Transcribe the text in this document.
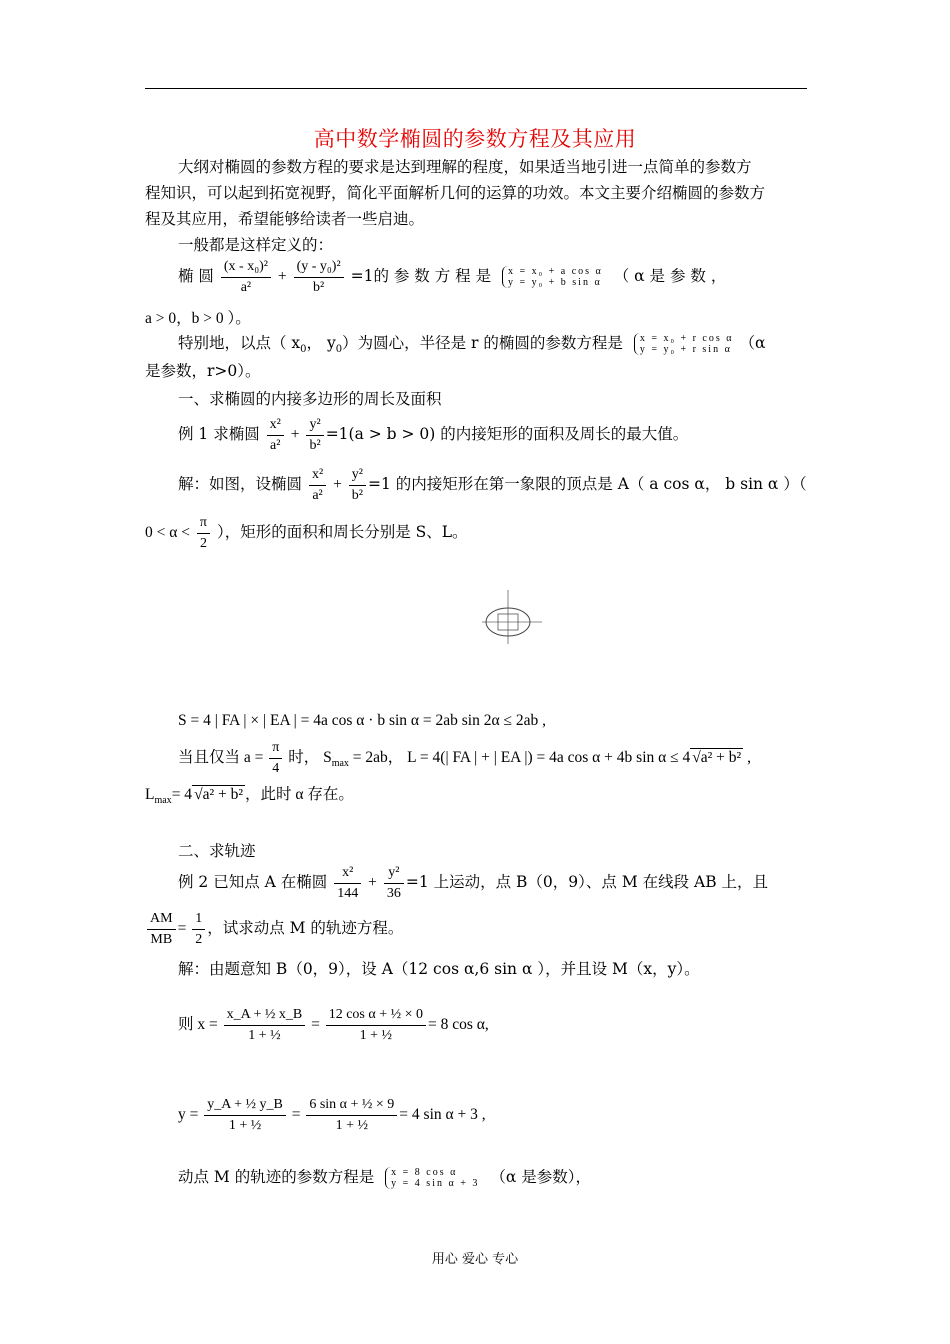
高中数学椭圆的参数方程及其应用
大纲对椭圆的参数方程的要求是达到理解的程度，如果适当地引进一点简单的参数方
程知识，可以起到拓宽视野，简化平面解析几何的运算的功效。本文主要介绍椭圆的参数方
程及其应用，希望能够给读者一些启迪。
一般都是这样定义的：
椭 圆 $\frac{\text{(x - x₀)²}}{\text{a²}} + \frac{\text{(y - y₀)²}}{\text{b²}} =1$的 参 数 方 程 是 x = x₀ + a cos α
y = y₀ + b sin α （ α 是 参 数 ，
a > 0，b > 0 ）。
特别地，以点（ $x_0$， $y_0$）为圆心，半径是 r 的椭圆的参数方程是 x = x₀ + r cos α
y = y₀ + r sin α （α
是参数，r>0）。
一、求椭圆的内接多边形的周长及面积
例 1 求椭圆 $\frac{\text{x²}}{\text{a²}} + \frac{\text{y²}}{\text{b²}} =1(a > b > 0)$ 的内接矩形的面积及周长的最大值。
解：如图，设椭圆 $\frac{\text{x²}}{\text{a²}} + \frac{\text{y²}}{\text{b²}} =1$ 的内接矩形在第一象限的顶点是 A（ a cos α， b sin α ）（
$0 < \alpha < \frac{\pi}{2}$ ），矩形的面积和周长分别是 S、L。
S = 4 | FA | × | EA | = 4a cos α · b sin α = 2ab sin 2α ≤ 2ab ,
当且仅当 $a = \frac{\pi}{4}$ 时， $S_{max} = 2ab$， L = 4(| FA | + | EA |) = 4a cos α + 4b sin α ≤ 4 √a² + b² ,
$L_{max}= 4$ √a² + b² ，此时 α 存在。
二、求轨迹
例 2 已知点 A 在椭圆 $\frac{\text{x²}}{144} + \frac{\text{y²}}{36} =1$ 上运动，点 B（0，9）、点 M 在线段 AB 上，且
$\frac{AM}{MB} = \frac{1}{2}$ ，试求动点 M 的轨迹方程。
解：由题意知 B（0，9），设 A（12 cos α,6 sin α ），并且设 M（x，y）。
则 $x = \frac{\text{x\_A + ½ x\_B}}{\text{1 + ½}} = \frac{\text{12 cos α + ½ × 0}}{\text{1 + ½}} = 8$ cos α,
$y = \frac{\text{y\_A + ½ y\_B}}{\text{1 + ½}} = \frac{\text{6 sin α + ½ × 9}}{\text{1 + ½}} = 4$ sin α + 3 ,
动点 M 的轨迹的参数方程是 x = 8 cos α
y = 4 sin α + 3 （α 是参数），
用心 爱心 专心
